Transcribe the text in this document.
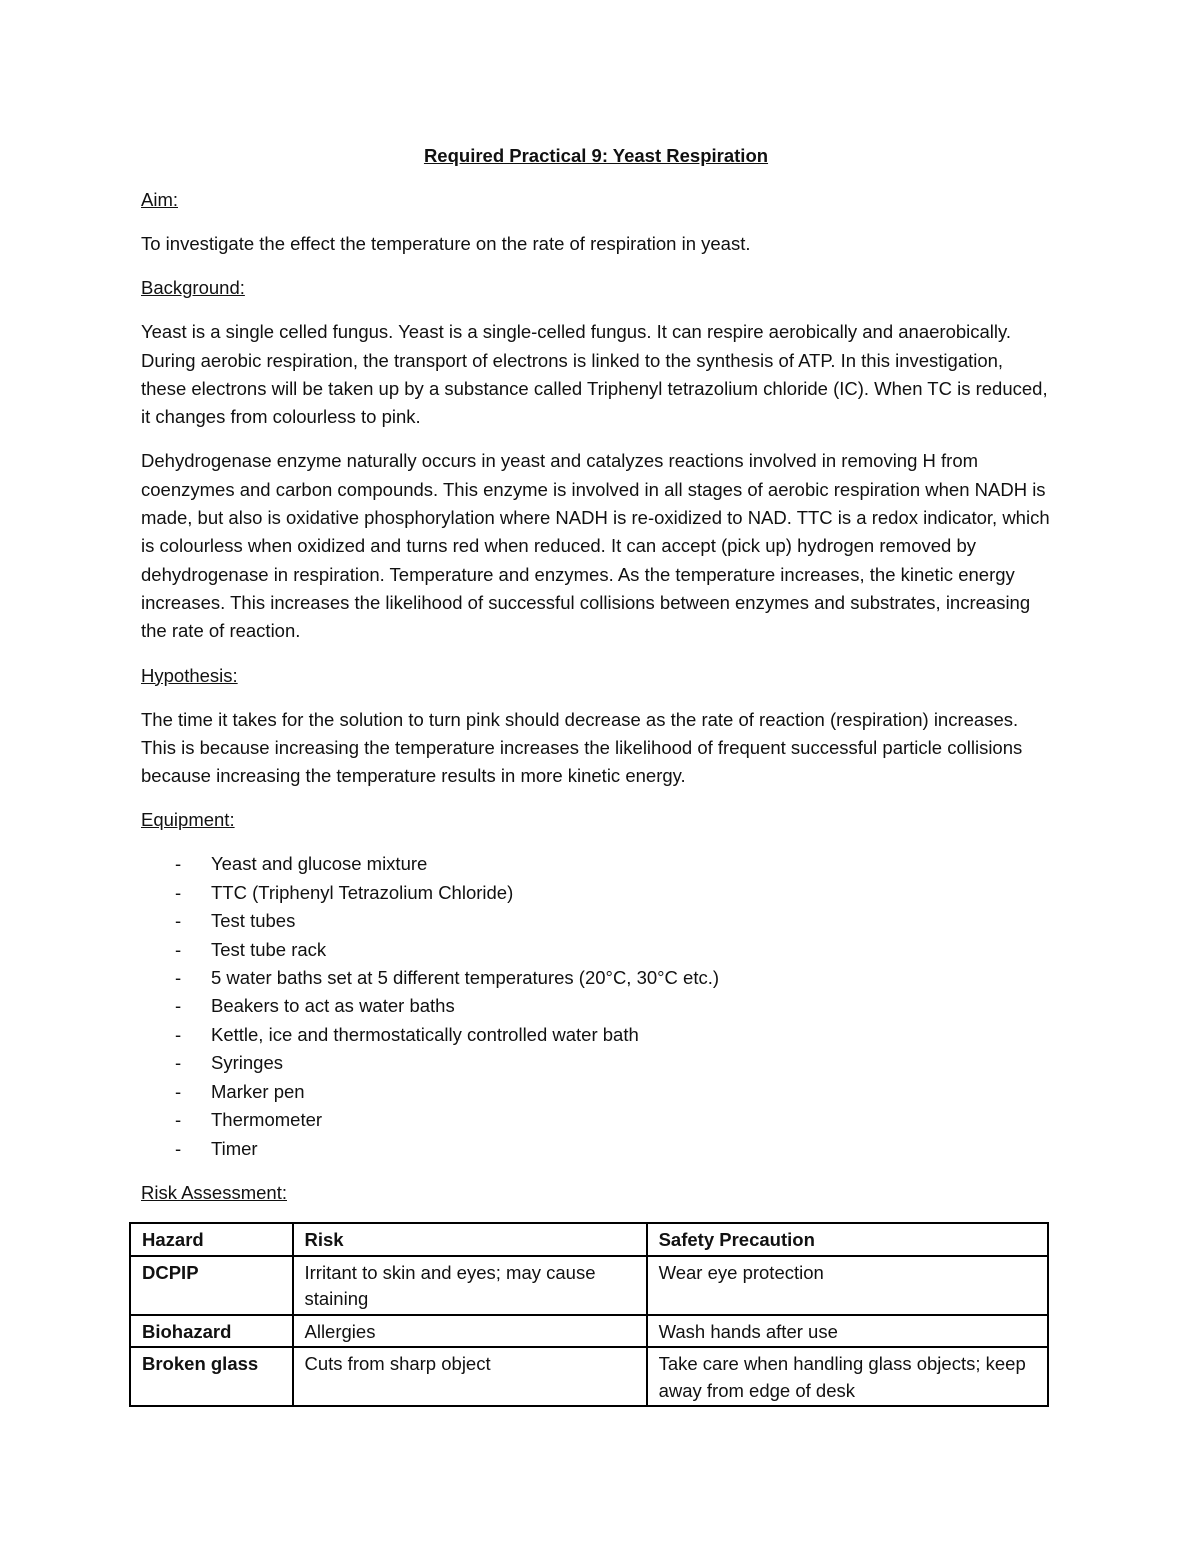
Required Practical 9: Yeast Respiration
Aim:

To investigate the effect the temperature on the rate of respiration in yeast.

Background:

Yeast is a single celled fungus. Yeast is a single-celled fungus. It can respire aerobically and anaerobically. During aerobic respiration, the transport of electrons is linked to the synthesis of ATP. In this investigation, these electrons will be taken up by a substance called Triphenyl tetrazolium chloride (IC). When TC is reduced, it changes from colourless to pink.

Dehydrogenase enzyme naturally occurs in yeast and catalyzes reactions involved in removing H from coenzymes and carbon compounds. This enzyme is involved in all stages of aerobic respiration when NADH is made, but also is oxidative phosphorylation where NADH is re-oxidized to NAD. TTC is a redox indicator, which is colourless when oxidized and turns red when reduced. It can accept (pick up) hydrogen removed by dehydrogenase in respiration. Temperature and enzymes. As the temperature increases, the kinetic energy increases. This increases the likelihood of successful collisions between enzymes and substrates, increasing the rate of reaction.

Hypothesis:

The time it takes for the solution to turn pink should decrease as the rate of reaction (respiration) increases. This is because increasing the temperature increases the likelihood of frequent successful particle collisions because increasing the temperature results in more kinetic energy.

Equipment:
- Yeast and glucose mixture
- TTC (Triphenyl Tetrazolium Chloride)
- Test tubes
- Test tube rack
- 5 water baths set at 5 different temperatures (20°C, 30°C etc.)
- Beakers to act as water baths
- Kettle, ice and thermostatically controlled water bath
- Syringes
- Marker pen
- Thermometer
- Timer
Risk Assessment:
Hazard	Risk	Safety Precaution
DCPIP	Irritant to skin and eyes; may cause staining	Wear eye protection
Biohazard	Allergies	Wash hands after use
Broken glass	Cuts from sharp object	Take care when handling glass objects; keep away from edge of desk
